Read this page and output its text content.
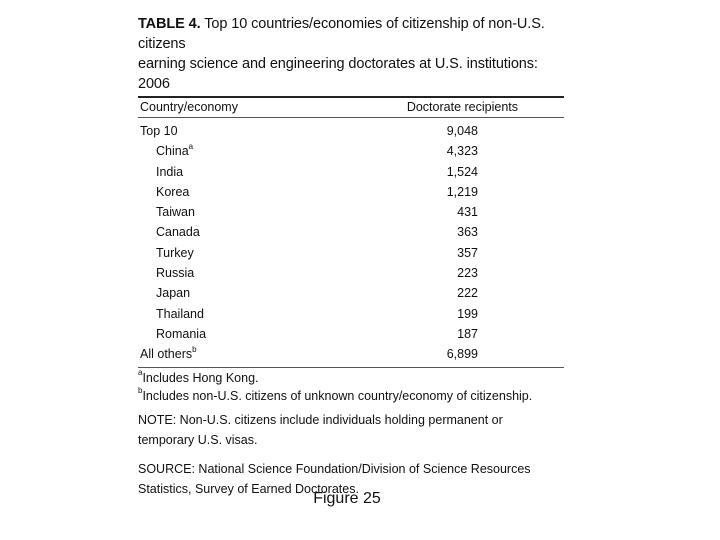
TABLE 4. Top 10 countries/economies of citizenship of non-U.S. citizens
earning science and engineering doctorates at U.S. institutions: 2006
Country/economy	Doctorate recipients
Top 10	9,048
China$^a$	4,323
India	1,524
Korea	1,219
Taiwan	431
Canada	363
Turkey	357
Russia	223
Japan	222
Thailand	199
Romania	187
All others$^b$	6,899
$^a$Includes Hong Kong.
$^b$Includes non-U.S. citizens of unknown country/economy of citizenship.
NOTE: Non-U.S. citizens include individuals holding permanent or
temporary U.S. visas.
SOURCE: National Science Foundation/Division of Science Resources
Statistics, Survey of Earned Doctorates.
Figure 25
